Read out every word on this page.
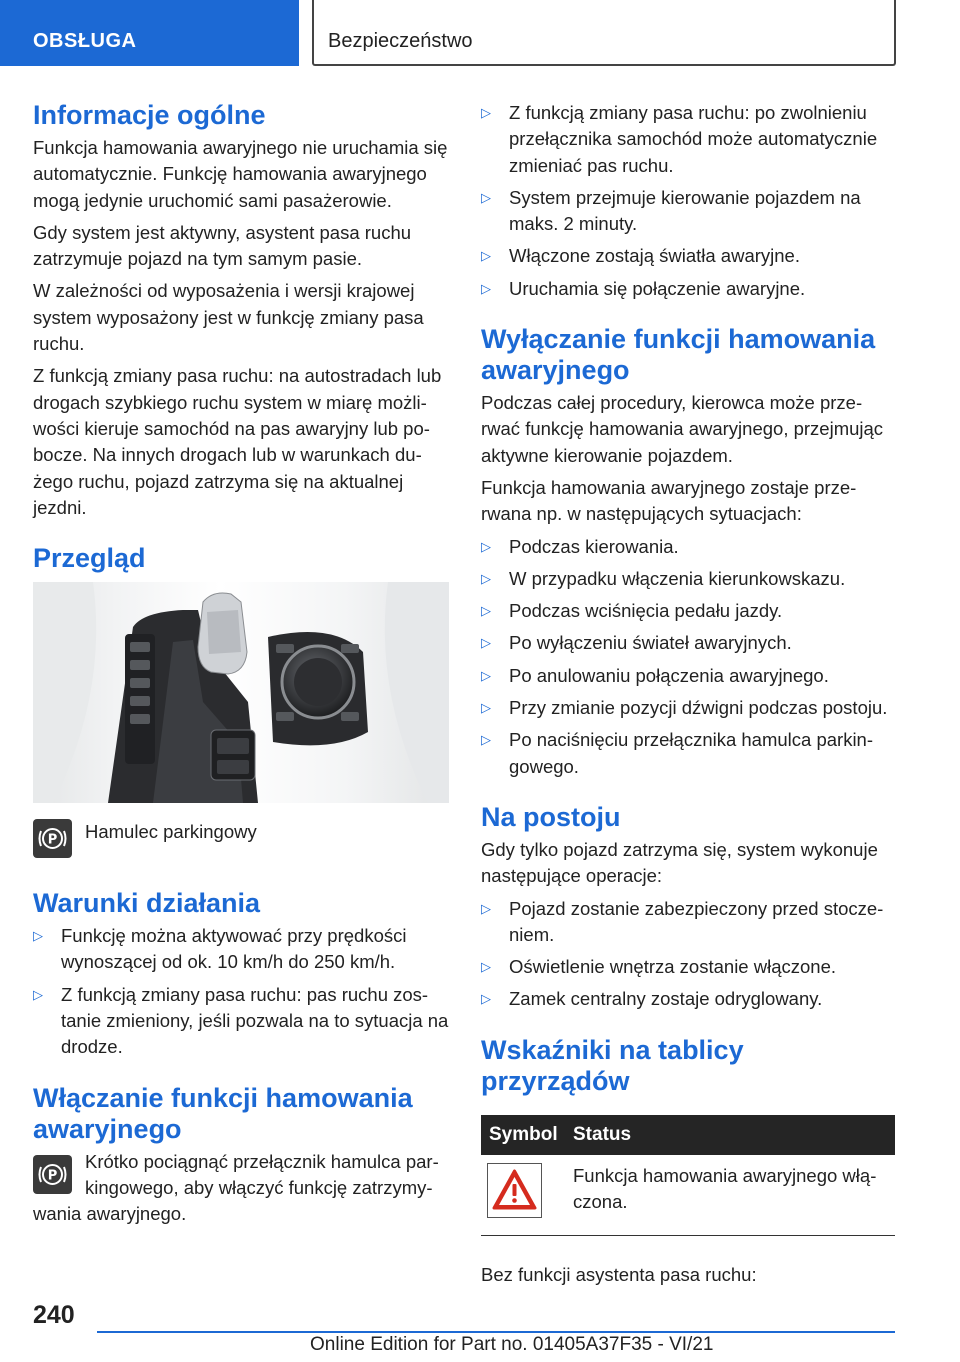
OBSŁUGA	Bezpieczeństwo
Informacje ogólne

Funkcja hamowania awaryjnego nie uruchamia się automatycznie. Funkcję hamowania awaryjnego mogą jedynie uruchomić sami pasażerowie.

Gdy system jest aktywny, asystent pasa ruchu zatrzymuje pojazd na tym samym pasie.

W zależności od wyposażenia i wersji krajowej system wyposażony jest w funkcję zmiany pasa ruchu.

Z funkcją zmiany pasa ruchu: na autostradach lub drogach szybkiego ruchu system w miarę możliwości kieruje samochód na pas awaryjny lub pobocze. Na innych drogach lub w warunkach dużego ruchu, pojazd zatrzyma się na aktualnej jezdni.

Przegląd
P Hamulec parkingowy
Warunki działania
▷ Funkcję można aktywować przy prędkości wynoszącej od ok. 10 km/h do 250 km/h.
▷ Z funkcją zmiany pasa ruchu: pas ruchu zostanie zmieniony, jeśli pozwala na to sytuacja na drodze.
Włączanie funkcji hamowania awaryjnego
P

Krótko pociągnąć przełącznik hamulca parkingowego, aby włączyć funkcję zatrzymywania awaryjnego.

▷ Z funkcją zmiany pasa ruchu: po zwolnieniu przełącznika samochód może automatycznie zmieniać pas ruchu.
▷ System przejmuje kierowanie pojazdem na maks. 2 minuty.
▷ Włączone zostają światła awaryjne.
▷ Uruchamia się połączenie awaryjne.
Wyłączanie funkcji hamowania awaryjnego

Podczas całej procedury, kierowca może przerwać funkcję hamowania awaryjnego, przejmując aktywne kierowanie pojazdem.

Funkcja hamowania awaryjnego zostaje przerwana np. w następujących sytuacjach:

▷ Podczas kierowania.
▷ W przypadku włączenia kierunkowskazu.
▷ Podczas wciśnięcia pedału jazdy.
▷ Po wyłączeniu świateł awaryjnych.
▷ Po anulowaniu połączenia awaryjnego.
▷ Przy zmianie pozycji dźwigni podczas postoju.
▷ Po naciśnięciu przełącznika hamulca parkingowego.
Na postoju

Gdy tylko pojazd zatrzyma się, system wykonuje następujące operacje:

▷ Pojazd zostanie zabezpieczony przed stoczeniem.
▷ Oświetlenie wnętrza zostanie włączone.
▷ Zamek centralny zostaje odryglowany.
Wskaźniki na tablicy przyrządów
Symbol	Status
	Funkcja hamowania awaryjnego włączona.

Bez funkcji asystenta pasa ruchu:

240
Online Edition for Part no. 01405A37F35 - VI/21
